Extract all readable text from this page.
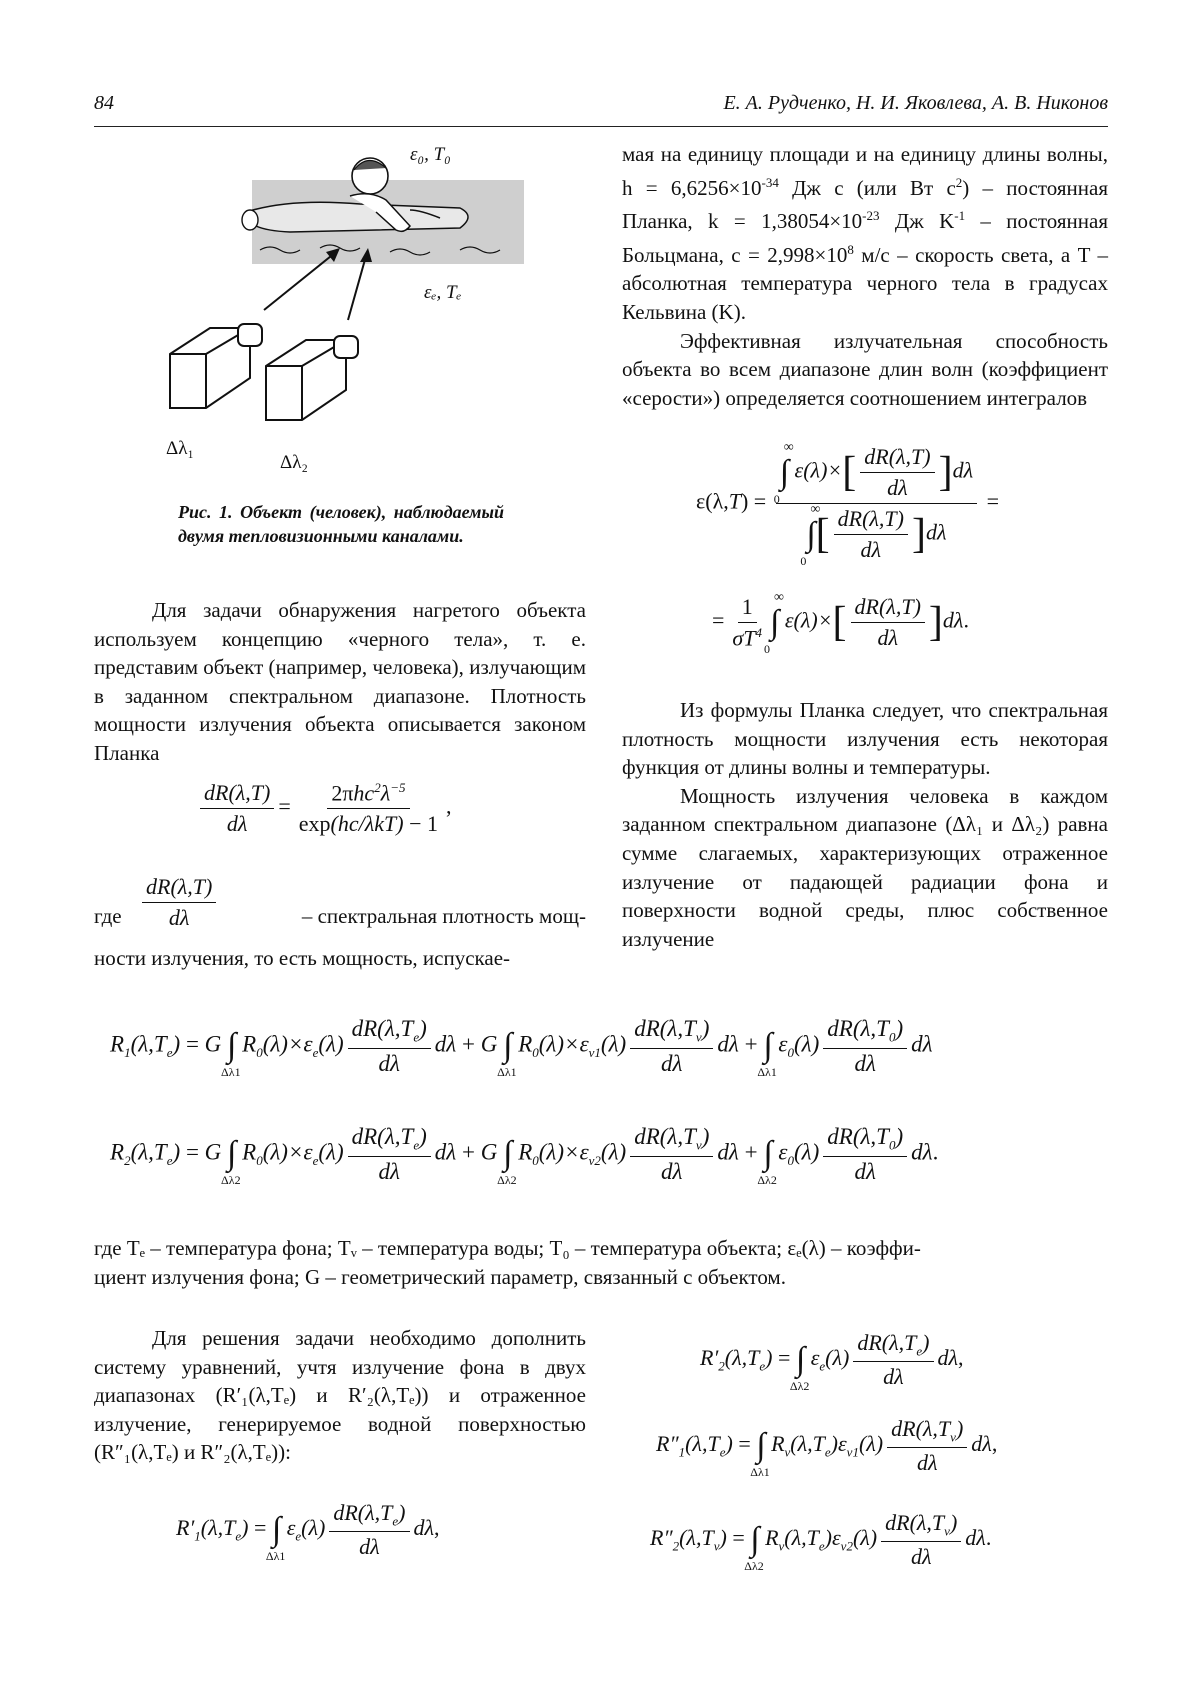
84	Е. А. Рудченко, Н. И. Яковлева, А. В. Никонов
ε₀, T₀
εₑ, Tₑ
Δλ₁
Δλ₂
Рис. 1. Объект (человек), наблюдаемый двумя тепловизионными каналами.

Для задачи обнаружения нагретого объекта используем концепцию «черного тела», т. е. представим объект (например, человека), излучающим в заданном спектральном диапазоне. Плотность мощности излучения объекта описывается законом Планка

$\frac{dR(\lambda,T)}{d\lambda} = \frac{2\pi hc^2\lambda^{-5}}{\text{exp(hc/λkT) − 1}}$ ,
где $\frac{dR(\lambda,T)}{d\lambda}$	– спектральная плотность мощ-

ности излучения, то есть мощность, испускае-

мая на единицу площади и на единицу длины волны, $h = 6,6256\times 10^{-34}$ Дж с (или Вт $с^2$) – постоянная Планка, $k = 1,38054\times 10^{-23}$ Дж $K^{-1}$ – постоянная Больцмана, $c = 2,998\times 10^8$ м/с – скорость света, а T – абсолютная температура черного тела в градусах Кельвина (K).

Эффективная излучательная способность объекта во всем диапазоне длин волн (коэффициент «серости») определяется соотношением интегралов

ε(λ,T) = ∫
∞
0
$\varepsilon(\lambda)\times[ \frac{dR(\lambda,T)}{d\lambda} ]d\lambda$
∫
∞
0
[ $\frac{dR(\lambda,T)}{d\lambda} ]d\lambda$ =
= $\frac{1}{\sigma T^4}$ ∫
∞
0
$\varepsilon(\lambda)\times[ \frac{dR(\lambda,T)}{d\lambda} ]d\lambda$.

Из формулы Планка следует, что спектральная плотность мощности излучения есть некоторая функция от длины волны и температуры.

Мощность излучения человека в каждом заданном спектральном диапазоне (Δλ₁ и Δλ₂) равна сумме слагаемых, характеризующих отраженное излучение от падающей радиации фона и поверхности водной среды, плюс собственное излучение

$R_1(\lambda,T_e) = G$ ∫
Δλ1
$R_0(\lambda)\times\varepsilon_e(\lambda) \frac{dR(\lambda,T_e)}{d\lambda}$ dλ + G ∫
Δλ1
$R_0(\lambda)\times\varepsilon_{v1}(\lambda) \frac{dR(\lambda,T_v)}{d\lambda}$ dλ + ∫
Δλ1
$\varepsilon_0(\lambda) \frac{dR(\lambda,T_0)}{d\lambda}$ dλ
$R_2(\lambda,T_e) = G$ ∫
Δλ2
$R_0(\lambda)\times\varepsilon_e(\lambda) \frac{dR(\lambda,T_e)}{d\lambda}$ dλ + G ∫
Δλ2
$R_0(\lambda)\times\varepsilon_{v2}(\lambda) \frac{dR(\lambda,T_v)}{d\lambda}$ dλ + ∫
Δλ2
$\varepsilon_0(\lambda) \frac{dR(\lambda,T_0)}{d\lambda} d\lambda$.

где Tₑ – температура фона; Tᵥ – температура воды; T₀ – температура объекта; εₑ(λ) – коэффи-

циент излучения фона; G – геометрический параметр, связанный с объектом.

Для решения задачи необходимо дополнить систему уравнений, учтя излучение фона в двух диапазонах (R′₁(λ,Tₑ) и R′₂(λ,Tₑ)) и отраженное излучение, генерируемое водной поверхностью (R″₁(λ,Tₑ) и R″₂(λ,Tₑ)):

$R'_1(\lambda,T_e)$ = ∫
Δλ1
$\varepsilon_e(\lambda) \frac{dR(\lambda,T_e)}{d\lambda} d\lambda$,
$R'_2(\lambda,T_e)$ = ∫
Δλ2
$\varepsilon_e(\lambda) \frac{dR(\lambda,T_e)}{d\lambda} d\lambda$,
$R''_1(\lambda,T_e)$ = ∫
Δλ1
$R_v(\lambda,T_e)\varepsilon_{v1}(\lambda) \frac{dR(\lambda,T_v)}{d\lambda} d\lambda$,
$R''_2(\lambda,T_v)$ = ∫
Δλ2
$R_v(\lambda,T_e)\varepsilon_{v2}(\lambda) \frac{dR(\lambda,T_v)}{d\lambda} d\lambda$.
